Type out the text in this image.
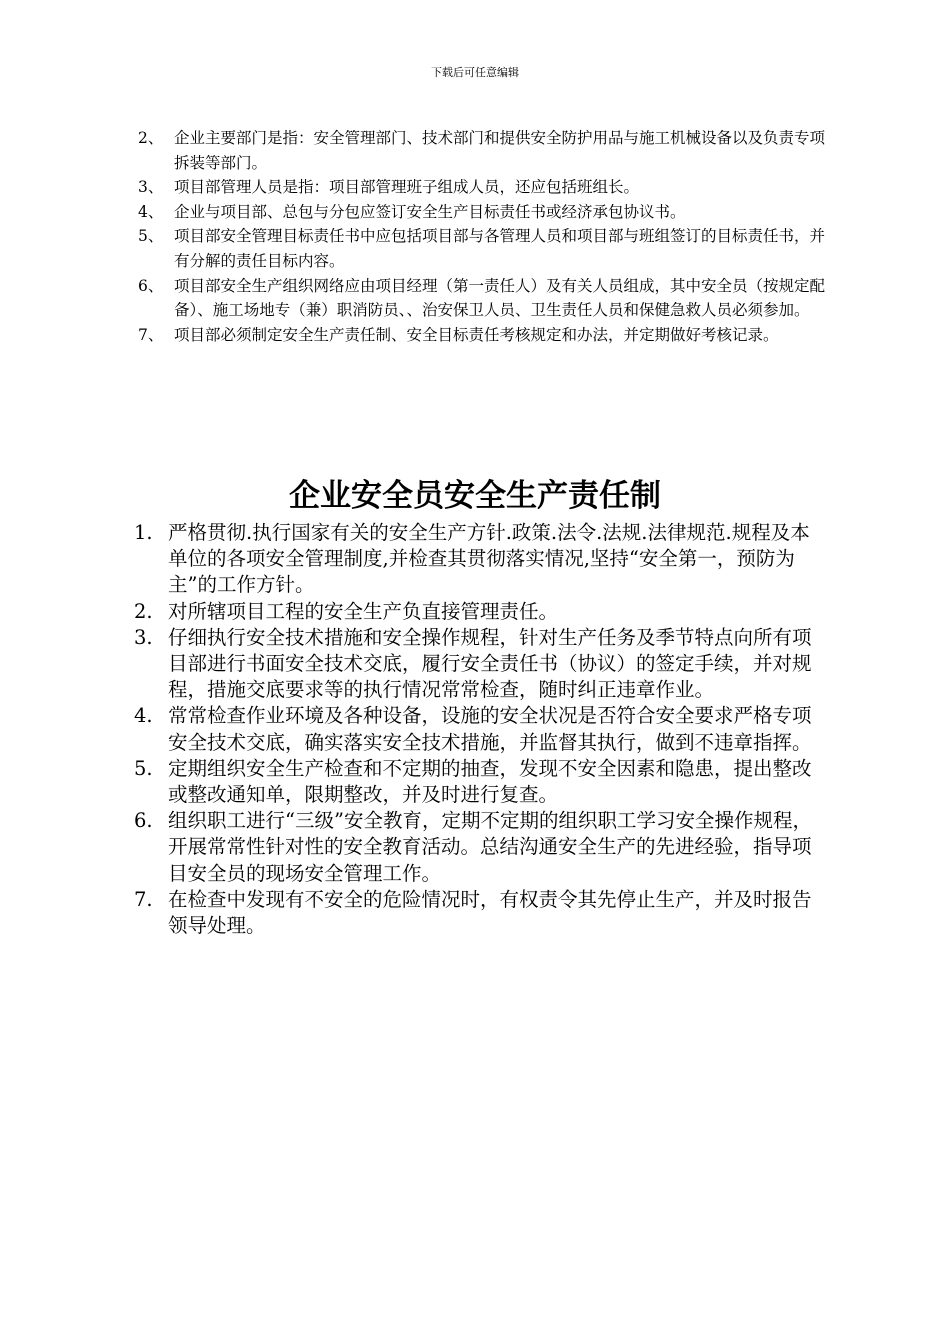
下载后可任意编辑
2、 企业主要部门是指：安全管理部门、技术部门和提供安全防护用品与施工机械设备以及负责专项拆装等部门。
3、 项目部管理人员是指：项目部管理班子组成人员，还应包括班组长。
4、 企业与项目部、总包与分包应签订安全生产目标责任书或经济承包协议书。
5、 项目部安全管理目标责任书中应包括项目部与各管理人员和项目部与班组签订的目标责任书，并有分解的责任目标内容。
6、 项目部安全生产组织网络应由项目经理（第一责任人）及有关人员组成，其中安全员（按规定配备）、施工场地专（兼）职消防员、、治安保卫人员、卫生责任人员和保健急救人员必须参加。
7、 项目部必须制定安全生产责任制、安全目标责任考核规定和办法，并定期做好考核记录。
企业安全员安全生产责任制
1. 严格贯彻.执行国家有关的安全生产方针.政策.法令.法规.法律规范.规程及本单位的各项安全管理制度,并检查其贯彻落实情况,坚持“安全第一，预防为主”的工作方针。
2. 对所辖项目工程的安全生产负直接管理责任。
3. 仔细执行安全技术措施和安全操作规程，针对生产任务及季节特点向所有项目部进行书面安全技术交底，履行安全责任书（协议）的签定手续，并对规程，措施交底要求等的执行情况常常检查，随时纠正违章作业。
4. 常常检查作业环境及各种设备，设施的安全状况是否符合安全要求严格专项安全技术交底，确实落实安全技术措施，并监督其执行，做到不违章指挥。
5. 定期组织安全生产检查和不定期的抽查，发现不安全因素和隐患，提出整改或整改通知单，限期整改，并及时进行复查。
6. 组织职工进行“三级”安全教育，定期不定期的组织职工学习安全操作规程，开展常常性针对性的安全教育活动。总结沟通安全生产的先进经验，指导项目安全员的现场安全管理工作。
7. 在检查中发现有不安全的危险情况时，有权责令其先停止生产，并及时报告领导处理。
